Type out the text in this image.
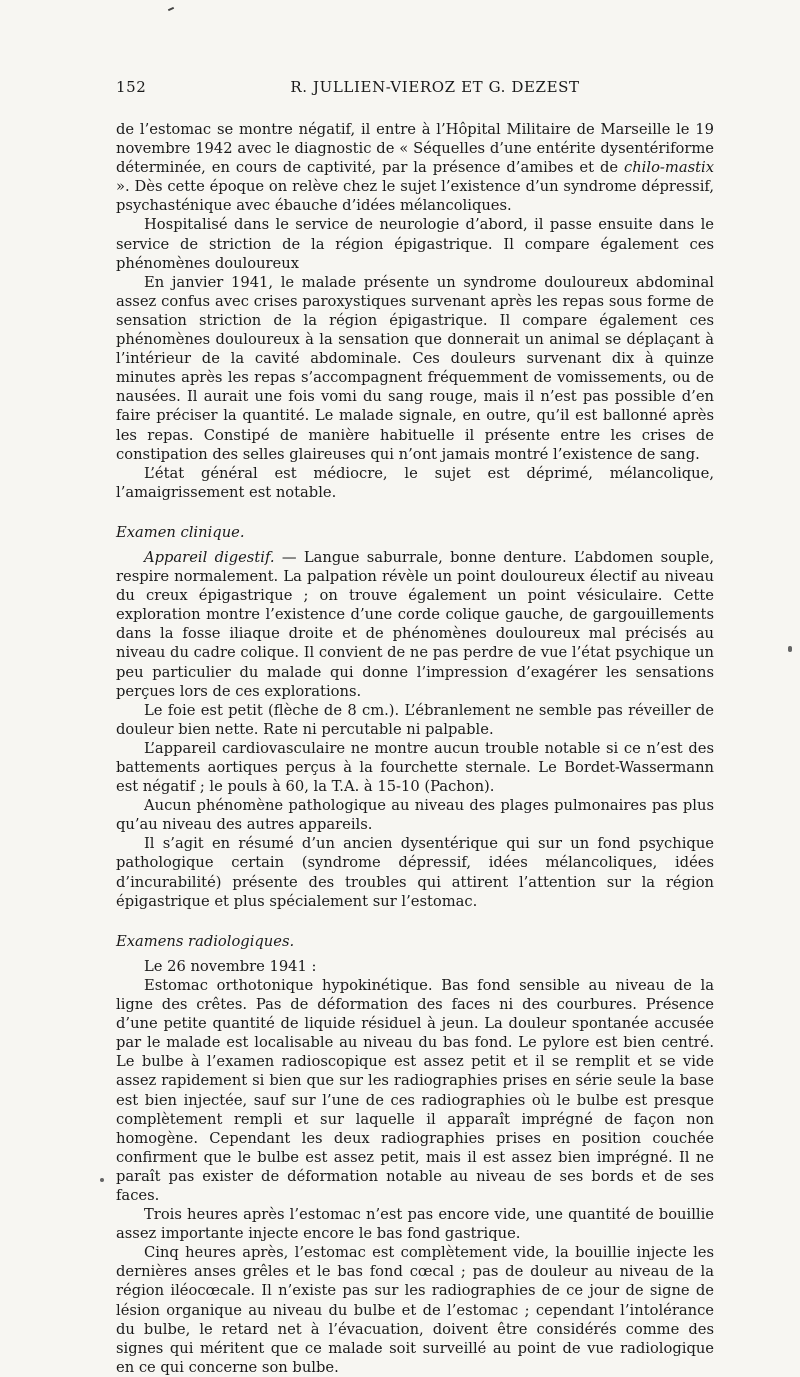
152	R. JULLIEN-VIEROZ ET G. DEZEST

de l’estomac se montre négatif, il entre à l’Hôpital Militaire de Marseille le 19 novembre 1942 avec le diagnostic de « Séquelles d’une entérite dysentériforme déterminée, en cours de captivité, par la présence d’amibes et de chilo-mastix ». Dès cette époque on relève chez le sujet l’existence d’un syndrome dépressif, psychasténique avec ébauche d’idées mélancoliques.

Hospitalisé dans le service de neurologie d’abord, il passe ensuite dans le service de striction de la région épigastrique. Il compare également ces phénomènes douloureux

En janvier 1941, le malade présente un syndrome douloureux abdominal assez confus avec crises paroxystiques survenant après les repas sous forme de sensation striction de la région épigastrique. Il compare également ces phénomènes douloureux à la sensation que donnerait un animal se déplaçant à l’intérieur de la cavité abdominale. Ces douleurs survenant dix à quinze minutes après les repas s’accompagnent fréquemment de vomissements, ou de nausées. Il aurait une fois vomi du sang rouge, mais il n’est pas possible d’en faire préciser la quantité. Le malade signale, en outre, qu’il est ballonné après les repas. Constipé de manière habituelle il présente entre les crises de constipation des selles glaireuses qui n’ont jamais montré l’existence de sang.

L’état général est médiocre, le sujet est déprimé, mélancolique, l’amaigrissement est notable.

Examen clinique.

Appareil digestif. — Langue saburrale, bonne denture. L’abdomen souple, respire normalement. La palpation révèle un point douloureux électif au niveau du creux épigastrique ; on trouve également un point vésiculaire. Cette exploration montre l’existence d’une corde colique gauche, de gargouillements dans la fosse iliaque droite et de phénomènes douloureux mal précisés au niveau du cadre colique. Il convient de ne pas perdre de vue l’état psychique un peu particulier du malade qui donne l’impression d’exagérer les sensations perçues lors de ces explorations.

Le foie est petit (flèche de 8 cm.). L’ébranlement ne semble pas réveiller de douleur bien nette. Rate ni percutable ni palpable.

L’appareil cardiovasculaire ne montre aucun trouble notable si ce n’est des battements aortiques perçus à la fourchette sternale. Le Bordet-Wassermann est négatif ; le pouls à 60, la T.A. à 15-10 (Pachon).

Aucun phénomène pathologique au niveau des plages pulmonaires pas plus qu’au niveau des autres appareils.

Il s’agit en résumé d’un ancien dysentérique qui sur un fond psychique pathologique certain (syndrome dépressif, idées mélancoliques, idées d’incurabilité) présente des troubles qui attirent l’attention sur la région épigastrique et plus spécialement sur l’estomac.

Examens radiologiques.

Le 26 novembre 1941 :

Estomac orthotonique hypokinétique. Bas fond sensible au niveau de la ligne des crêtes. Pas de déformation des faces ni des courbures. Présence d’une petite quantité de liquide résiduel à jeun. La douleur spontanée accusée par le malade est localisable au niveau du bas fond. Le pylore est bien centré. Le bulbe à l’examen radioscopique est assez petit et il se remplit et se vide assez rapidement si bien que sur les radiographies prises en série seule la base est bien injectée, sauf sur l’une de ces radiographies où le bulbe est presque complètement rempli et sur laquelle il apparaît imprégné de façon non homogène. Cependant les deux radiographies prises en position couchée confirment que le bulbe est assez petit, mais il est assez bien imprégné. Il ne paraît pas exister de déformation notable au niveau de ses bords et de ses faces.

Trois heures après l’estomac n’est pas encore vide, une quantité de bouillie assez importante injecte encore le bas fond gastrique.

Cinq heures après, l’estomac est complètement vide, la bouillie injecte les dernières anses grêles et le bas fond cœcal ; pas de douleur au niveau de la région iléocœcale. Il n’existe pas sur les radiographies de ce jour de signe de lésion organique au niveau du bulbe et de l’estomac ; cependant l’intolérance du bulbe, le retard net à l’évacuation, doivent être considérés comme des signes qui méritent que ce malade soit surveillé au point de vue radiologique en ce qui concerne son bulbe.
